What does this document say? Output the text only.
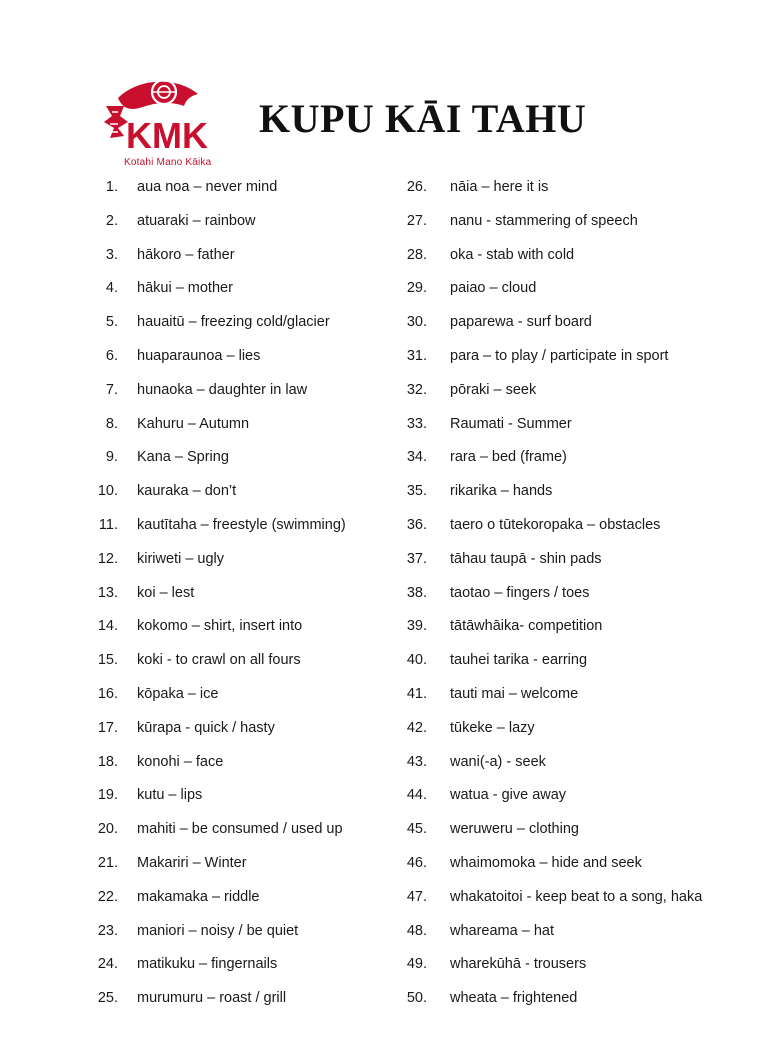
KMK
Kotahi Mano Kāika
KUPU KĀI TAHU
1. aua noa – never mind
2. atuaraki – rainbow
3. hākoro – father
4. hākui – mother
5. hauaitū – freezing cold/glacier
6. huaparaunoa – lies
7. hunaoka – daughter in law
8. Kahuru – Autumn
9. Kana – Spring
10. kauraka – don’t
11. kautītaha – freestyle (swimming)
12. kiriweti – ugly
13. koi – lest
14. kokomo – shirt, insert into
15. koki - to crawl on all fours
16. kōpaka – ice
17. kūrapa - quick / hasty
18. konohi – face
19. kutu – lips
20. mahiti – be consumed / used up
21. Makariri – Winter
22. makamaka – riddle
23. maniori – noisy / be quiet
24. matikuku – fingernails
25. murumuru – roast / grill
26. nāia – here it is
27. nanu - stammering of speech
28. oka - stab with cold
29. paiao – cloud
30. paparewa - surf board
31. para – to play / participate in sport
32. pōraki – seek
33. Raumati - Summer
34. rara – bed (frame)
35. rikarika – hands
36. taero o tūtekoropaka – obstacles
37. tāhau taupā - shin pads
38. taotao – fingers / toes
39. tātāwhāika- competition
40. tauhei tarika - earring
41. tauti mai – welcome
42. tūkeke – lazy
43. wani(-a) - seek
44. watua - give away
45. weruweru – clothing
46. whaimomoka – hide and seek
47. whakatoitoi - keep beat to a song, haka
48. whareama – hat
49. wharekūhā - trousers
50. wheata – frightened
